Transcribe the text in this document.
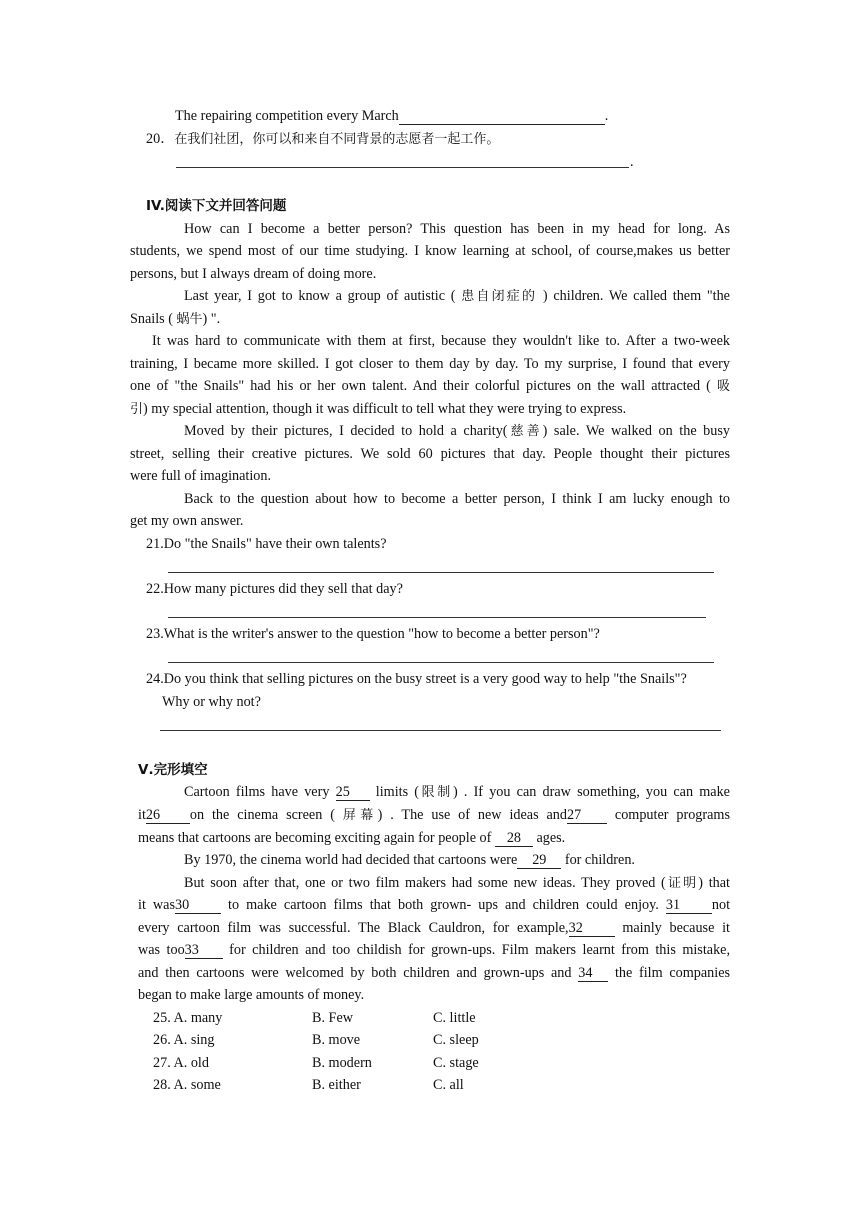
The repairing competition every March	.
20．在我们社团，你可以和来自不同背景的志愿者一起工作。
.
IV.阅读下文并回答问题
How can I become a better person? This question has been in my head for long. As
students, we spend most of our time studying. I know learning at school, of course,makes us better
persons, but I always dream of doing more.
Last year, I got to know a group of autistic ( 患自闭症的 ) children. We called them "the
Snails ( 蜗牛) ".
It was hard to communicate with them at first, because they wouldn't like to. After a two-week
training, I became more skilled. I got closer to them day by day. To my surprise, I found that every
one of "the Snails" had his or her own talent. And their colorful pictures on the wall attracted ( 吸
引) my special attention, though it was difficult to tell what they were trying to express.
Moved by their pictures, I decided to hold a charity(慈善) sale. We walked on the busy
street, selling their creative pictures. We sold 60 pictures that day. People thought their pictures
were full of imagination.
Back to the question about how to become a better person, I think I am lucky enough to
get my own answer.
21.Do "the Snails" have their own talents?
22.How many pictures did they sell that day?
23.What is the writer's answer to the question "how to become a better person"?
24.Do you think that selling pictures on the busy street is a very good way to help "the Snails"?
Why or why not?
Ⅴ.完形填空
Cartoon films have very 25 limits (限制) . If you can draw something, you can make
it26 on the cinema screen ( 屏幕) . The use of new ideas and27 computer programs
means that cartoons are becoming exciting again for people of 28 ages.
By 1970, the cinema world had decided that cartoons were 29 for children.
But soon after that, one or two film makers had some new ideas. They proved (证明) that
it was30	to make cartoon films that both grown- ups and children could enjoy. 31 not
every cartoon film was successful. The Black Cauldron, for example,32	mainly because it
was too33 for children and too childish for grown-ups. Film makers learnt from this mistake,
and then cartoons were welcomed by both children and grown-ups and 34 the film companies
began to make large amounts of money.
25. A. many	B. Few	C. little
26. A. sing	B. move	C. sleep
27. A. old	B. modern	C. stage
28. A. some	B. either	C. all
